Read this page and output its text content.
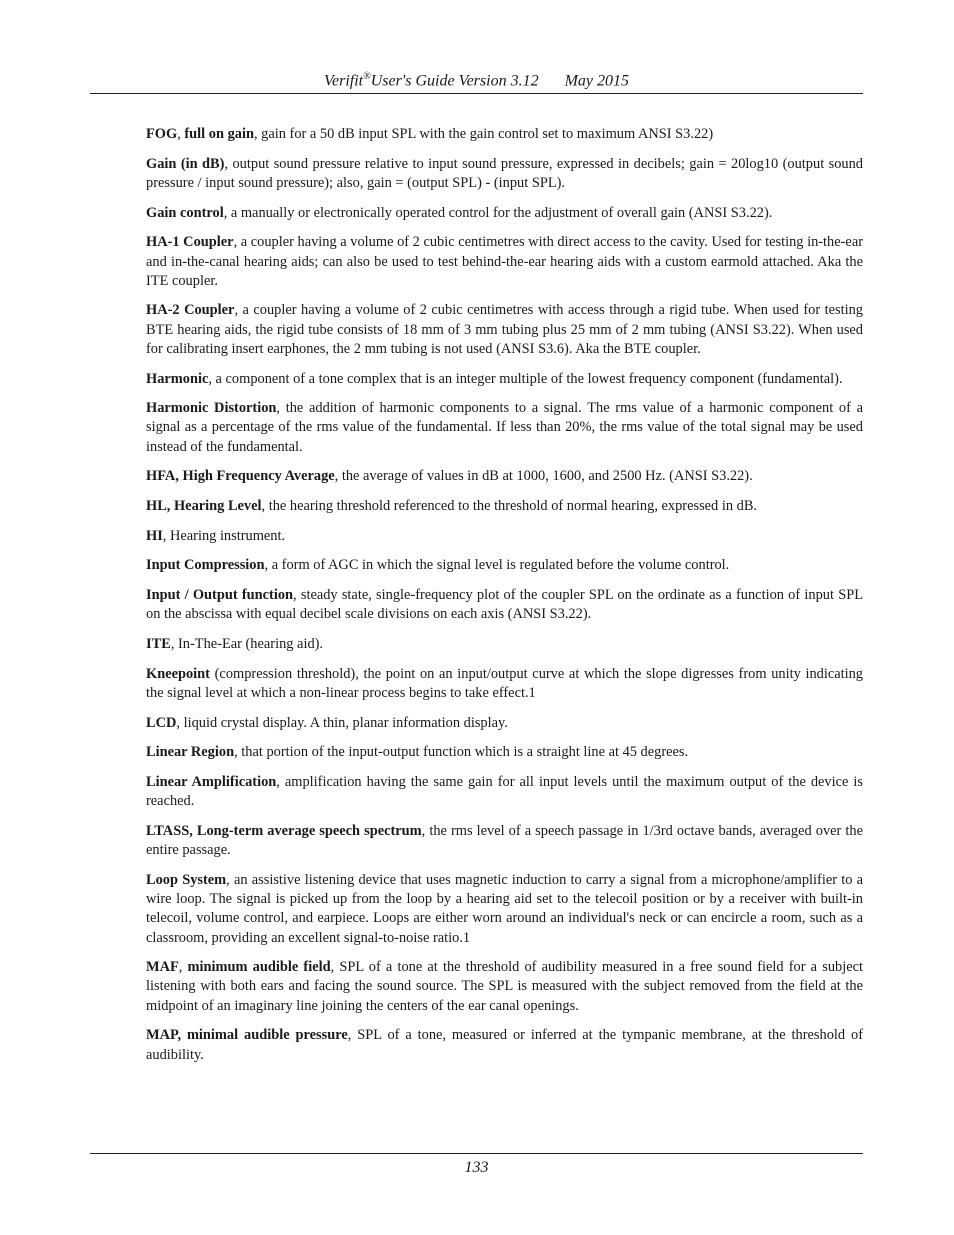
Verifit®User's Guide Version 3.12 May 2015

FOG, full on gain, gain for a 50 dB input SPL with the gain control set to maximum ANSI S3.22)

Gain (in dB), output sound pressure relative to input sound pressure, expressed in decibels; gain = 20log10 (output sound pressure / input sound pressure); also, gain = (output SPL) - (input SPL).

Gain control, a manually or electronically operated control for the adjustment of overall gain (ANSI S3.22).

HA-1 Coupler, a coupler having a volume of 2 cubic centimetres with direct access to the cavity. Used for testing in-the-ear and in-the-canal hearing aids; can also be used to test behind-the-ear hearing aids with a custom earmold attached. Aka the ITE coupler.

HA-2 Coupler, a coupler having a volume of 2 cubic centimetres with access through a rigid tube. When used for testing BTE hearing aids, the rigid tube consists of 18 mm of 3 mm tubing plus 25 mm of 2 mm tubing (ANSI S3.22). When used for calibrating insert earphones, the 2 mm tubing is not used (ANSI S3.6). Aka the BTE coupler.

Harmonic, a component of a tone complex that is an integer multiple of the lowest frequency component (fundamental).

Harmonic Distortion, the addition of harmonic components to a signal. The rms value of a harmonic component of a signal as a percentage of the rms value of the fundamental. If less than 20%, the rms value of the total signal may be used instead of the fundamental.

HFA, High Frequency Average, the average of values in dB at 1000, 1600, and 2500 Hz. (ANSI S3.22).

HL, Hearing Level, the hearing threshold referenced to the threshold of normal hearing, expressed in dB.

HI, Hearing instrument.

Input Compression, a form of AGC in which the signal level is regulated before the volume control.

Input / Output function, steady state, single-frequency plot of the coupler SPL on the ordinate as a function of input SPL on the abscissa with equal decibel scale divisions on each axis (ANSI S3.22).

ITE, In-The-Ear (hearing aid).

Kneepoint (compression threshold), the point on an input/output curve at which the slope digresses from unity indicating the signal level at which a non-linear process begins to take effect.1

LCD, liquid crystal display. A thin, planar information display.

Linear Region, that portion of the input-output function which is a straight line at 45 degrees.

Linear Amplification, amplification having the same gain for all input levels until the maximum output of the device is reached.

LTASS, Long-term average speech spectrum, the rms level of a speech passage in 1/3rd octave bands, averaged over the entire passage.

Loop System, an assistive listening device that uses magnetic induction to carry a signal from a microphone/amplifier to a wire loop. The signal is picked up from the loop by a hearing aid set to the telecoil position or by a receiver with built-in telecoil, volume control, and earpiece. Loops are either worn around an individual's neck or can encircle a room, such as a classroom, providing an excellent signal-to-noise ratio.1

MAF, minimum audible field, SPL of a tone at the threshold of audibility measured in a free sound field for a subject listening with both ears and facing the sound source. The SPL is measured with the subject removed from the field at the midpoint of an imaginary line joining the centers of the ear canal openings.

MAP, minimal audible pressure, SPL of a tone, measured or inferred at the tympanic membrane, at the threshold of audibility.

133
